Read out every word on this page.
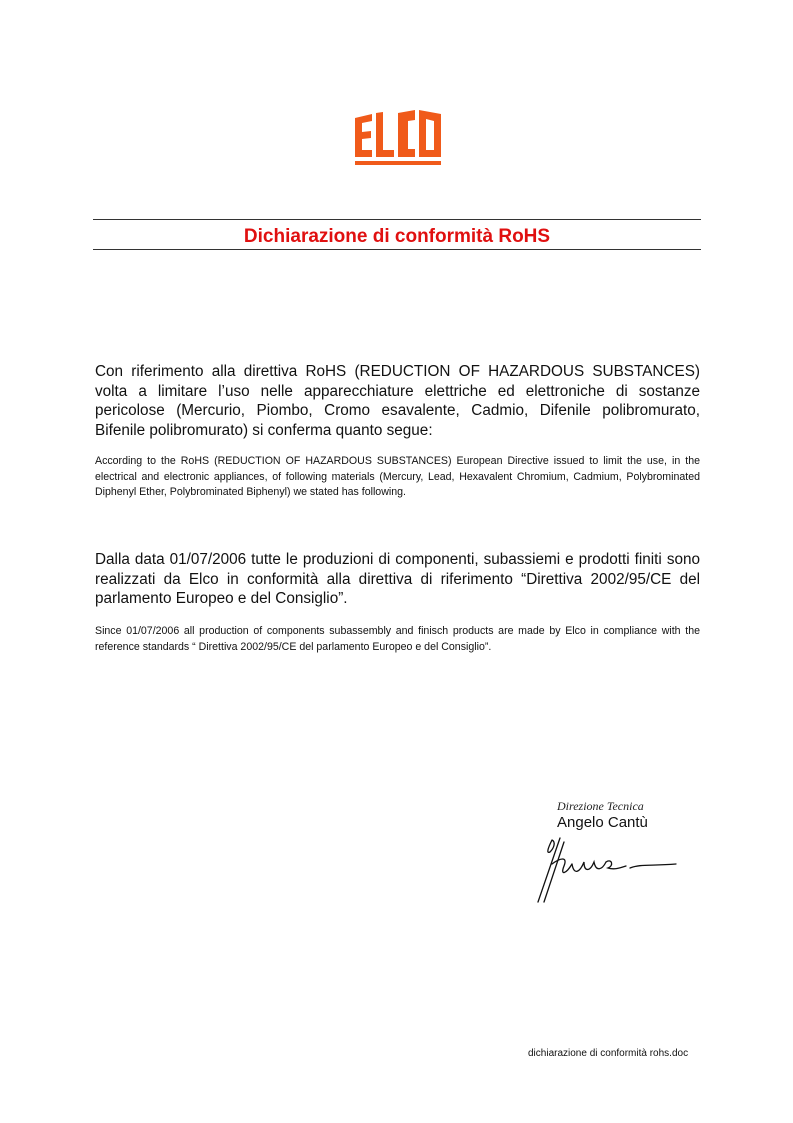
Dichiarazione di conformità RoHS
Con riferimento alla direttiva RoHS (REDUCTION OF HAZARDOUS SUBSTANCES) volta a limitare l’uso nelle apparecchiature elettriche ed elettroniche di sostanze pericolose (Mercurio, Piombo, Cromo esavalente, Cadmio, Difenile polibromurato, Bifenile polibromurato) si conferma quanto segue:
According to the RoHS (REDUCTION OF HAZARDOUS SUBSTANCES) European Directive issued to limit the use, in the electrical and electronic appliances, of following materials (Mercury, Lead, Hexavalent Chromium, Cadmium, Polybrominated Diphenyl Ether, Polybrominated Biphenyl) we stated has following.
Dalla data 01/07/2006 tutte le produzioni di componenti, subassiemi e prodotti finiti sono realizzati da Elco in conformità alla direttiva di riferimento “Direttiva 2002/95/CE del parlamento Europeo e del Consiglio”.
Since 01/07/2006 all production of components subassembly and finisch products are made by Elco in compliance with the reference standards “ Direttiva 2002/95/CE del parlamento Europeo e del Consiglio”.
Direzione Tecnica
Angelo Cantù
dichiarazione di conformità rohs.doc
